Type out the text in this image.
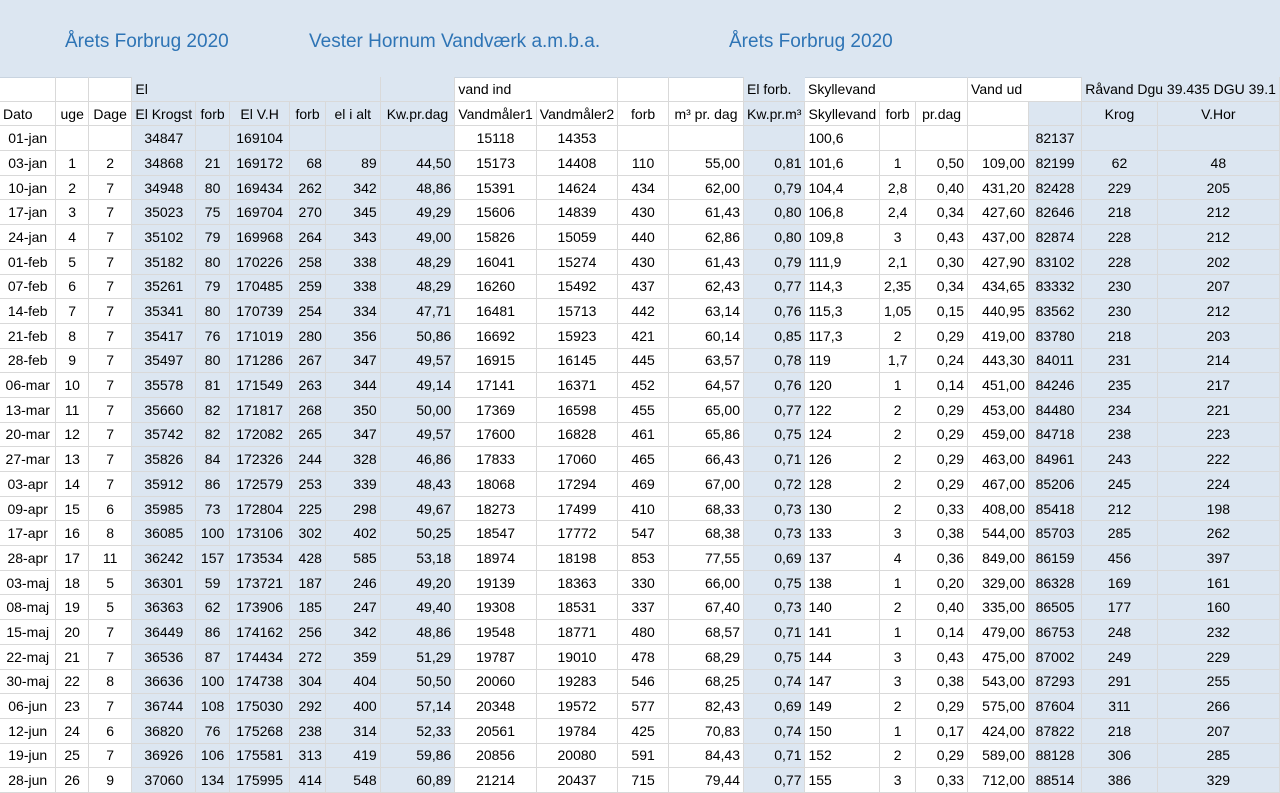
Årets Forbrug 2020	Vester Hornum Vandværk a.m.b.a.	Årets Forbrug 2020
			El						vand ind				El forb.	Skyllevand			Vand ud		Råvand Dgu 39.435 DGU 39.1	
Dato	uge	Dage	El Krogst	forb	El V.H	forb	el i alt	Kw.pr.dag	Vandmåler1	Vandmåler2	forb	m³ pr. dag	Kw.pr.m³	Skyllevand	forb	pr.dag			Krog	V.Hor
01-jan			34847		169104				15118	14353				100,6				82137		
03-jan	1	2	34868	21	169172	68	89	44,50	15173	14408	110	55,00	0,81	101,6	1	0,50	109,00	82199	62	48
10-jan	2	7	34948	80	169434	262	342	48,86	15391	14624	434	62,00	0,79	104,4	2,8	0,40	431,20	82428	229	205
17-jan	3	7	35023	75	169704	270	345	49,29	15606	14839	430	61,43	0,80	106,8	2,4	0,34	427,60	82646	218	212
24-jan	4	7	35102	79	169968	264	343	49,00	15826	15059	440	62,86	0,80	109,8	3	0,43	437,00	82874	228	212
01-feb	5	7	35182	80	170226	258	338	48,29	16041	15274	430	61,43	0,79	111,9	2,1	0,30	427,90	83102	228	202
07-feb	6	7	35261	79	170485	259	338	48,29	16260	15492	437	62,43	0,77	114,3	2,35	0,34	434,65	83332	230	207
14-feb	7	7	35341	80	170739	254	334	47,71	16481	15713	442	63,14	0,76	115,3	1,05	0,15	440,95	83562	230	212
21-feb	8	7	35417	76	171019	280	356	50,86	16692	15923	421	60,14	0,85	117,3	2	0,29	419,00	83780	218	203
28-feb	9	7	35497	80	171286	267	347	49,57	16915	16145	445	63,57	0,78	119	1,7	0,24	443,30	84011	231	214
06-mar	10	7	35578	81	171549	263	344	49,14	17141	16371	452	64,57	0,76	120	1	0,14	451,00	84246	235	217
13-mar	11	7	35660	82	171817	268	350	50,00	17369	16598	455	65,00	0,77	122	2	0,29	453,00	84480	234	221
20-mar	12	7	35742	82	172082	265	347	49,57	17600	16828	461	65,86	0,75	124	2	0,29	459,00	84718	238	223
27-mar	13	7	35826	84	172326	244	328	46,86	17833	17060	465	66,43	0,71	126	2	0,29	463,00	84961	243	222
03-apr	14	7	35912	86	172579	253	339	48,43	18068	17294	469	67,00	0,72	128	2	0,29	467,00	85206	245	224
09-apr	15	6	35985	73	172804	225	298	49,67	18273	17499	410	68,33	0,73	130	2	0,33	408,00	85418	212	198
17-apr	16	8	36085	100	173106	302	402	50,25	18547	17772	547	68,38	0,73	133	3	0,38	544,00	85703	285	262
28-apr	17	11	36242	157	173534	428	585	53,18	18974	18198	853	77,55	0,69	137	4	0,36	849,00	86159	456	397
03-maj	18	5	36301	59	173721	187	246	49,20	19139	18363	330	66,00	0,75	138	1	0,20	329,00	86328	169	161
08-maj	19	5	36363	62	173906	185	247	49,40	19308	18531	337	67,40	0,73	140	2	0,40	335,00	86505	177	160
15-maj	20	7	36449	86	174162	256	342	48,86	19548	18771	480	68,57	0,71	141	1	0,14	479,00	86753	248	232
22-maj	21	7	36536	87	174434	272	359	51,29	19787	19010	478	68,29	0,75	144	3	0,43	475,00	87002	249	229
30-maj	22	8	36636	100	174738	304	404	50,50	20060	19283	546	68,25	0,74	147	3	0,38	543,00	87293	291	255
06-jun	23	7	36744	108	175030	292	400	57,14	20348	19572	577	82,43	0,69	149	2	0,29	575,00	87604	311	266
12-jun	24	6	36820	76	175268	238	314	52,33	20561	19784	425	70,83	0,74	150	1	0,17	424,00	87822	218	207
19-jun	25	7	36926	106	175581	313	419	59,86	20856	20080	591	84,43	0,71	152	2	0,29	589,00	88128	306	285
28-jun	26	9	37060	134	175995	414	548	60,89	21214	20437	715	79,44	0,77	155	3	0,33	712,00	88514	386	329
